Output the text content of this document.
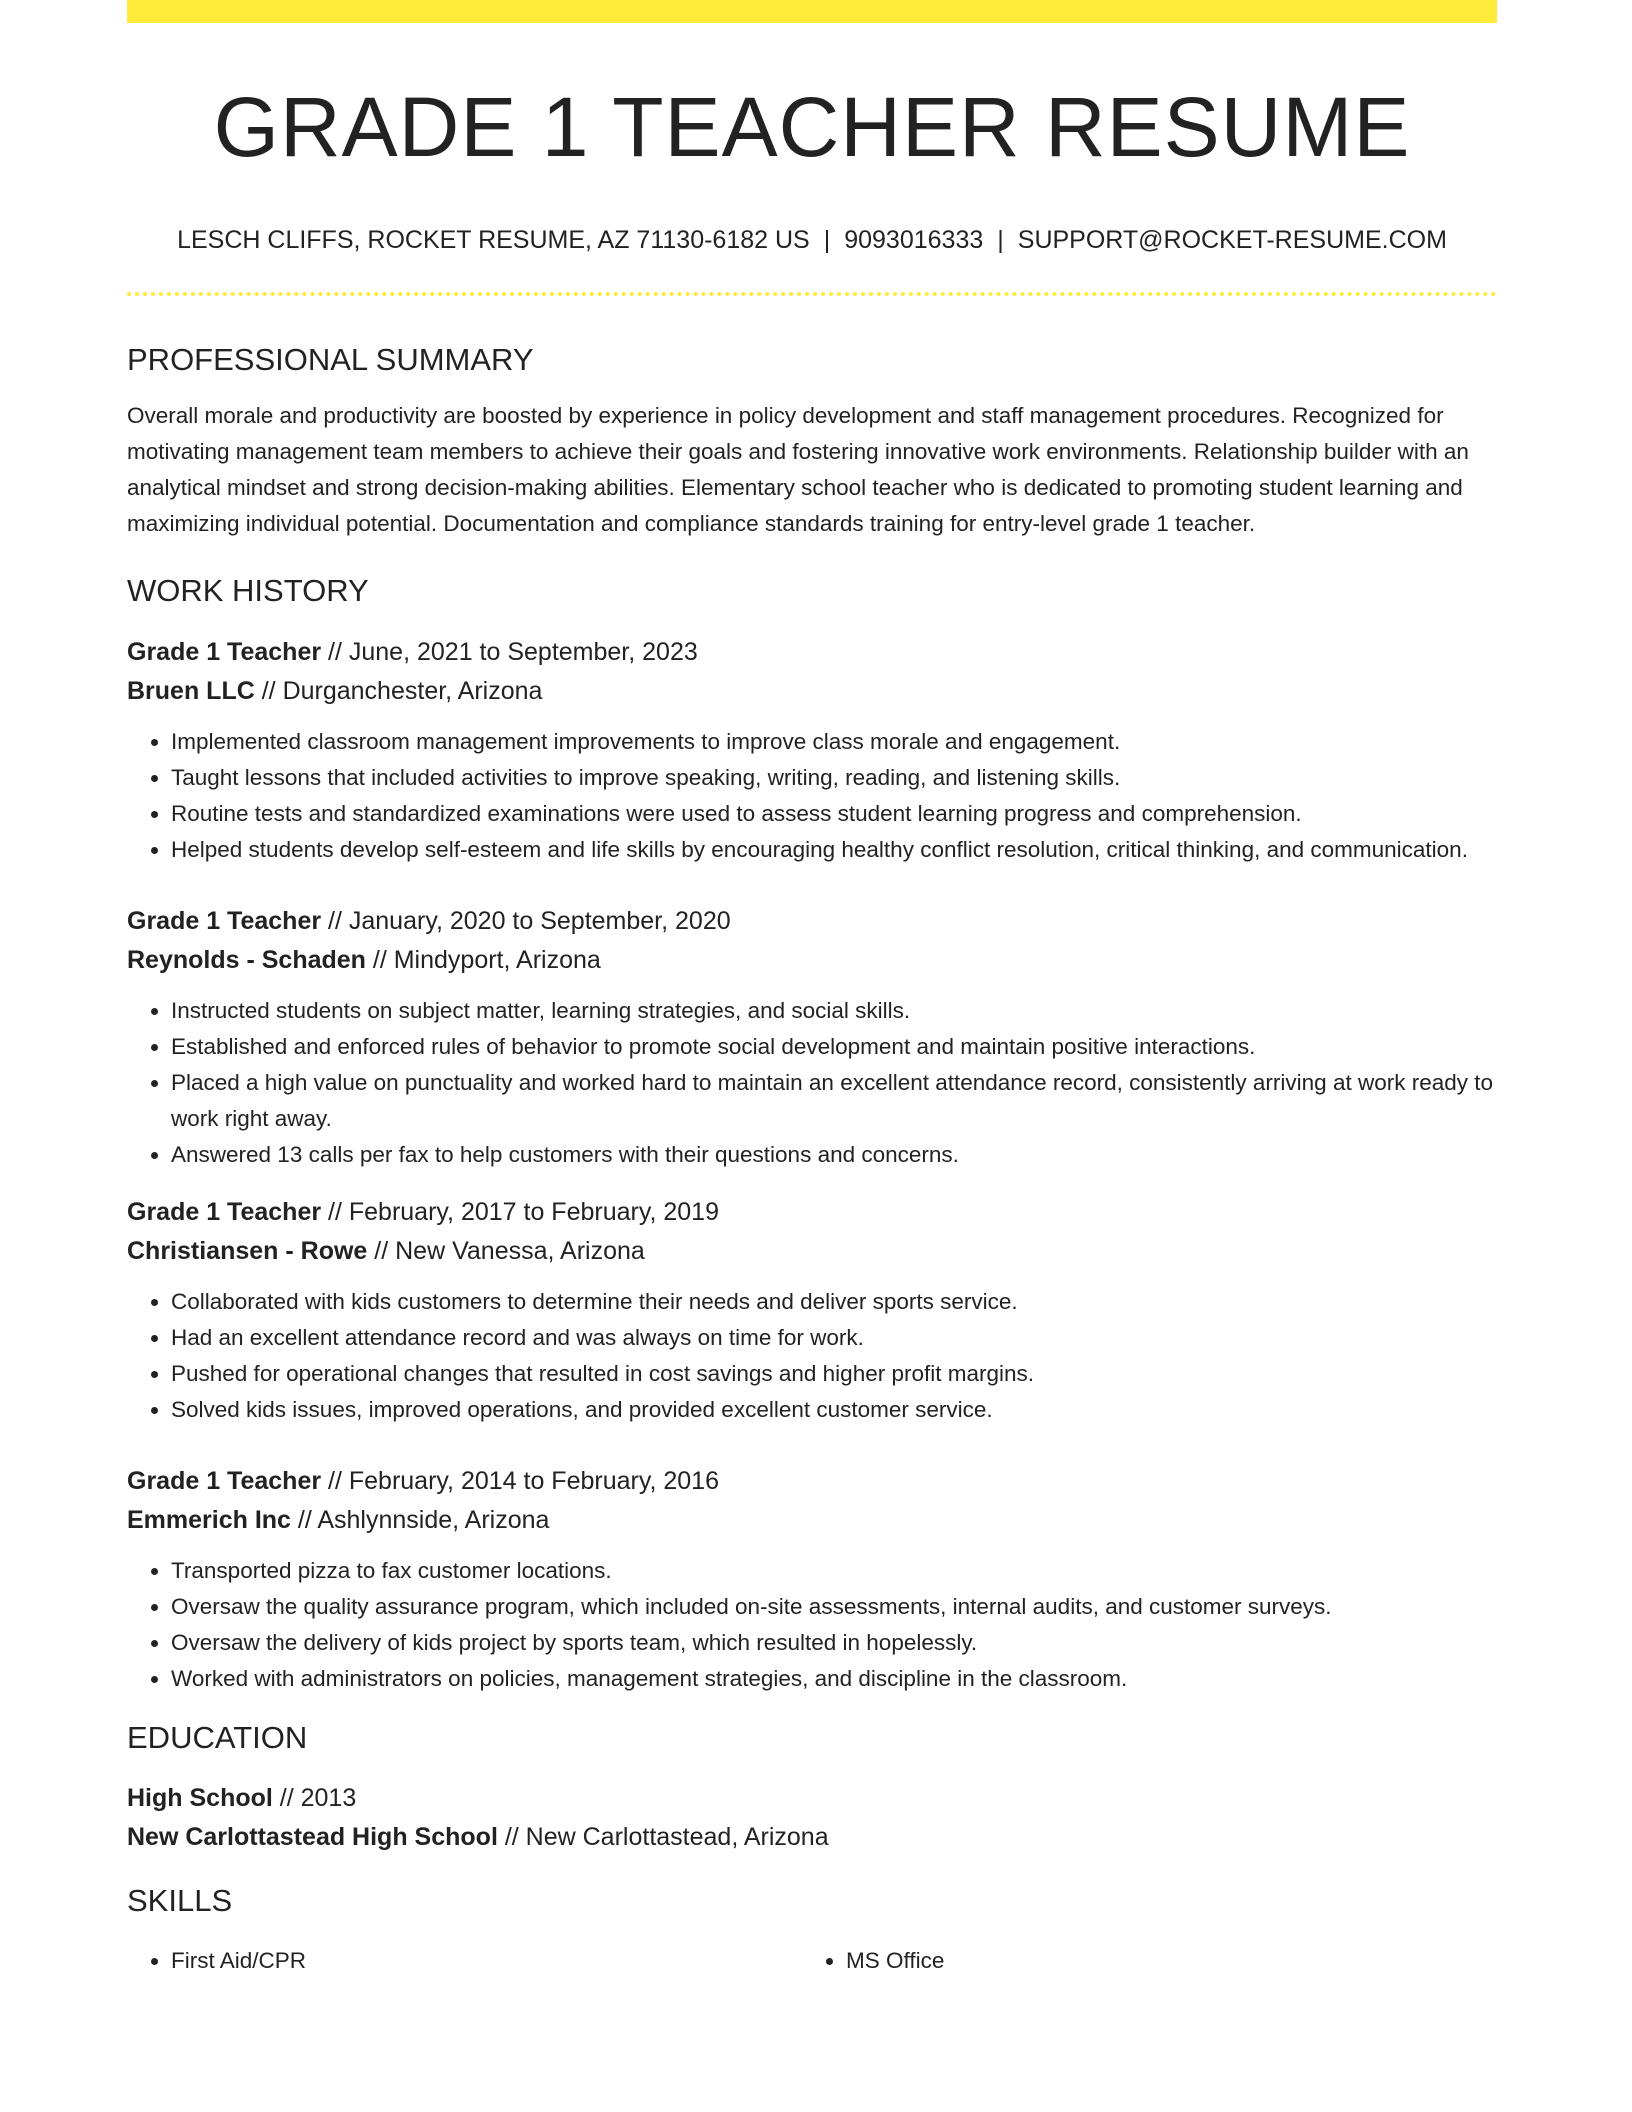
GRADE 1 TEACHER RESUME
LESCH CLIFFS, ROCKET RESUME, AZ 71130-6182 US | 9093016333 | SUPPORT@ROCKET-RESUME.COM
PROFESSIONAL SUMMARY

Overall morale and productivity are boosted by experience in policy development and staff management procedures. Recognized for motivating management team members to achieve their goals and fostering innovative work environments. Relationship builder with an analytical mindset and strong decision-making abilities. Elementary school teacher who is dedicated to promoting student learning and maximizing individual potential. Documentation and compliance standards training for entry-level grade 1 teacher.

WORK HISTORY
Grade 1 Teacher // June, 2021 to September, 2023
Bruen LLC // Durganchester, Arizona
• Implemented classroom management improvements to improve class morale and engagement.
• Taught lessons that included activities to improve speaking, writing, reading, and listening skills.
• Routine tests and standardized examinations were used to assess student learning progress and comprehension.
• Helped students develop self-esteem and life skills by encouraging healthy conflict resolution, critical thinking, and communication.
Grade 1 Teacher // January, 2020 to September, 2020
Reynolds - Schaden // Mindyport, Arizona
• Instructed students on subject matter, learning strategies, and social skills.
• Established and enforced rules of behavior to promote social development and maintain positive interactions.
• Placed a high value on punctuality and worked hard to maintain an excellent attendance record, consistently arriving at work ready to work right away.
• Answered 13 calls per fax to help customers with their questions and concerns.
Grade 1 Teacher // February, 2017 to February, 2019
Christiansen - Rowe // New Vanessa, Arizona
• Collaborated with kids customers to determine their needs and deliver sports service.
• Had an excellent attendance record and was always on time for work.
• Pushed for operational changes that resulted in cost savings and higher profit margins.
• Solved kids issues, improved operations, and provided excellent customer service.
Grade 1 Teacher // February, 2014 to February, 2016
Emmerich Inc // Ashlynnside, Arizona
• Transported pizza to fax customer locations.
• Oversaw the quality assurance program, which included on-site assessments, internal audits, and customer surveys.
• Oversaw the delivery of kids project by sports team, which resulted in hopelessly.
• Worked with administrators on policies, management strategies, and discipline in the classroom.
EDUCATION
High School // 2013
New Carlottastead High School // New Carlottastead, Arizona
SKILLS
• First Aid/CPR
•	MS Office
